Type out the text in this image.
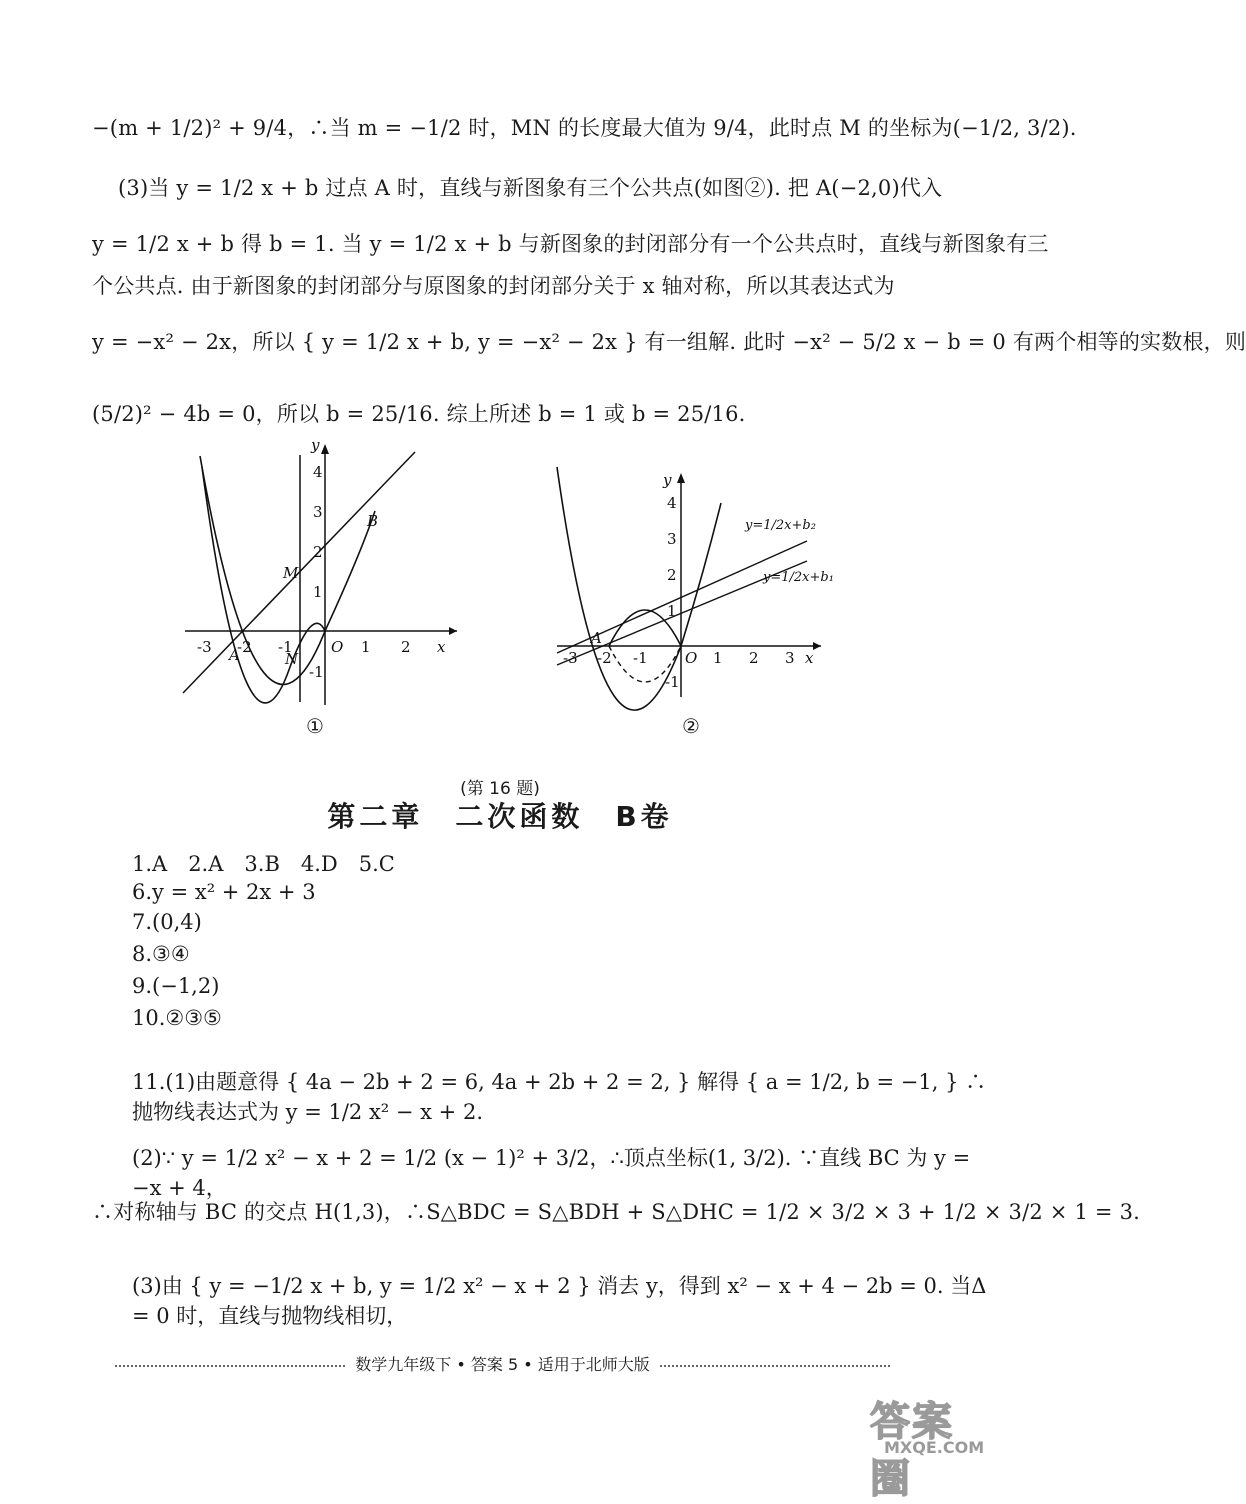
−(m + 1/2)² + 9/4，∴当 m = −1/2 时，MN 的长度最大值为 9/4，此时点 M 的坐标为(−1/2, 3/2).
(3)当 y = 1/2 x + b 过点 A 时，直线与新图象有三个公共点(如图②). 把 A(−2,0)代入
y = 1/2 x + b 得 b = 1. 当 y = 1/2 x + b 与新图象的封闭部分有一个公共点时，直线与新图象有三
个公共点. 由于新图象的封闭部分与原图象的封闭部分关于 x 轴对称，所以其表达式为
y = −x² − 2x，所以 { y = 1/2 x + b, y = −x² − 2x } 有一组解. 此时 −x² − 5/2 x − b = 0 有两个相等的实数根，则
(5/2)² − 4b = 0，所以 b = 25/16. 综上所述 b = 1 或 b = 25/16.
-3 -2 -1	1 2
1
2
3
4
-1
O	x
y
A
B
M
N
①
-3 -2 -1	1 2 3
1
2
3
4
-1
O	x
y
A
y=1/2x+b₂
y=1/2x+b₁
②
(第 16 题)
第二章　二次函数　B卷
1.A　2.A　3.B　4.D　5.C
6.y = x² + 2x + 3
7.(0,4)
8.③④
9.(−1,2)
10.②③⑤
11.(1)由题意得 { 4a − 2b + 2 = 6, 4a + 2b + 2 = 2, } 解得 { a = 1/2, b = −1, } ∴抛物线表达式为 y = 1/2 x² − x + 2.
(2)∵ y = 1/2 x² − x + 2 = 1/2 (x − 1)² + 3/2，∴顶点坐标(1, 3/2). ∵直线 BC 为 y = −x + 4，
∴对称轴与 BC 的交点 H(1,3)，∴S△BDC = S△BDH + S△DHC = 1/2 × 3/2 × 3 + 1/2 × 3/2 × 1 = 3.
(3)由 { y = −1/2 x + b, y = 1/2 x² − x + 2 } 消去 y，得到 x² − x + 4 − 2b = 0. 当Δ = 0 时，直线与抛物线相切，
数学九年级下 • 答案 5 • 适用于北师大版
答案圈
MXQE.COM
